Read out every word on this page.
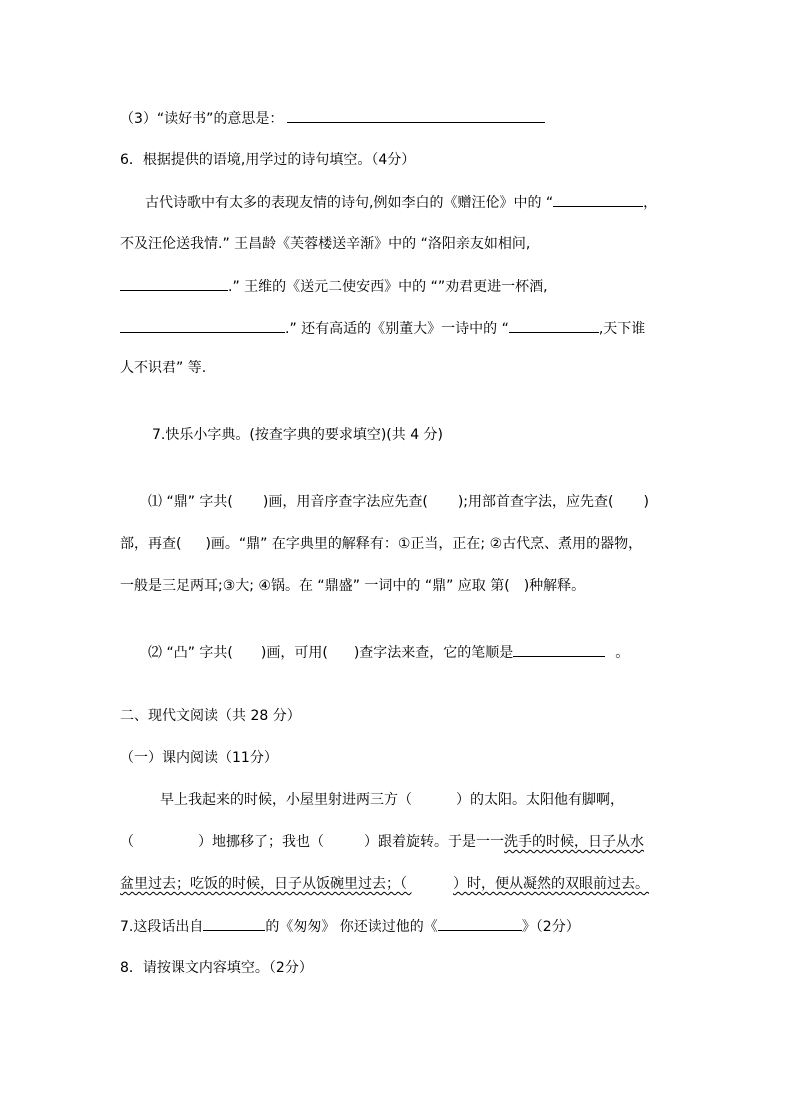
（3）“读好书”的意思是：
6．根据提供的语境,用学过的诗句填空。（4分）
古代诗歌中有太多的表现友情的诗句,例如李白的《赠汪伦》中的 “	，
不及汪伦送我情.” 王昌龄《芙蓉楼送辛渐》中的 “洛阳亲友如相问,
.” 王维的《送元二使安西》中的 “”劝君更进一杯酒,
.” 还有高适的《别董大》一诗中的 “	,天下谁
人不识君” 等.
7.快乐小字典。(按查字典的要求填空)(共 4 分)
⑴ “鼎” 字共( )画，用音序查字法应先查( );用部首查字法，应先查( )
部，再查( )画。“鼎” 在字典里的解释有：①正当，正在; ②古代烹、煮用的器物，
一般是三足两耳;③大; ④锅。在 “鼎盛” 一词中的 “鼎” 应取 第( )种解释。
⑵ “凸” 字共( )画，可用( )查字法来查，它的笔顺是	。
二、现代文阅读（共 28 分）
（一）课内阅读（11分）
早上我起来的时候，小屋里射进两三方（	）的太阳。太阳他有脚啊，
（	）地挪移了；我也（	）跟着旋转。于是一一洗手的时候，日子从水
盆里过去；吃饭的时候，日子从饭碗里过去；（	）时，便从凝然的双眼前过去。
7.这段话出自	的《匆匆》 你还读过他的《	》（2分）
8．请按课文内容填空。（2分）
